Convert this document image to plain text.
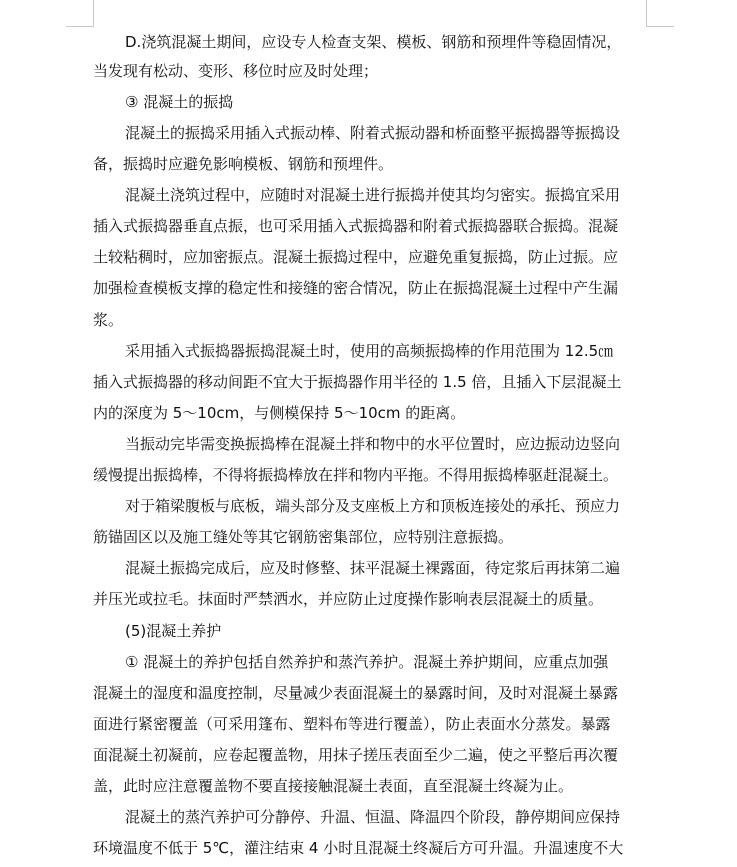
D.浇筑混凝土期间，应设专人检查支架、模板、钢筋和预埋件等稳固情况，
当发现有松动、变形、移位时应及时处理；
③ 混凝土的振捣
混凝土的振捣采用插入式振动棒、附着式振动器和桥面整平振捣器等振捣设
备，振捣时应避免影响模板、钢筋和预埋件。
混凝土浇筑过程中，应随时对混凝土进行振捣并使其均匀密实。振捣宜采用
插入式振捣器垂直点振，也可采用插入式振捣器和附着式振捣器联合振捣。混凝
土较粘稠时，应加密振点。混凝土振捣过程中，应避免重复振捣，防止过振。应
加强检查模板支撑的稳定性和接缝的密合情况，防止在振捣混凝土过程中产生漏
浆。
采用插入式振捣器振捣混凝土时，使用的高频振捣棒的作用范围为 12.5㎝
插入式振捣器的移动间距不宜大于振捣器作用半径的 1.5 倍，且插入下层混凝土
内的深度为 5～10cm，与侧模保持 5～10cm 的距离。
当振动完毕需变换振捣棒在混凝土拌和物中的水平位置时，应边振动边竖向
缓慢提出振捣棒，不得将振捣棒放在拌和物内平拖。不得用振捣棒驱赶混凝土。
对于箱梁腹板与底板，端头部分及支座板上方和顶板连接处的承托、预应力
筋锚固区以及施工缝处等其它钢筋密集部位，应特别注意振捣。
混凝土振捣完成后，应及时修整、抹平混凝土裸露面，待定浆后再抹第二遍
并压光或拉毛。抹面时严禁洒水，并应防止过度操作影响表层混凝土的质量。
(5)混凝土养护
① 混凝土的养护包括自然养护和蒸汽养护。混凝土养护期间，应重点加强
混凝土的湿度和温度控制，尽量减少表面混凝土的暴露时间，及时对混凝土暴露
面进行紧密覆盖（可采用篷布、塑料布等进行覆盖），防止表面水分蒸发。暴露
面混凝土初凝前，应卷起覆盖物，用抹子搓压表面至少二遍，使之平整后再次覆
盖，此时应注意覆盖物不要直接接触混凝土表面，直至混凝土终凝为止。
混凝土的蒸汽养护可分静停、升温、恒温、降温四个阶段，静停期间应保持
环境温度不低于 5℃，灌注结束 4 小时且混凝土终凝后方可升温。升温速度不大
